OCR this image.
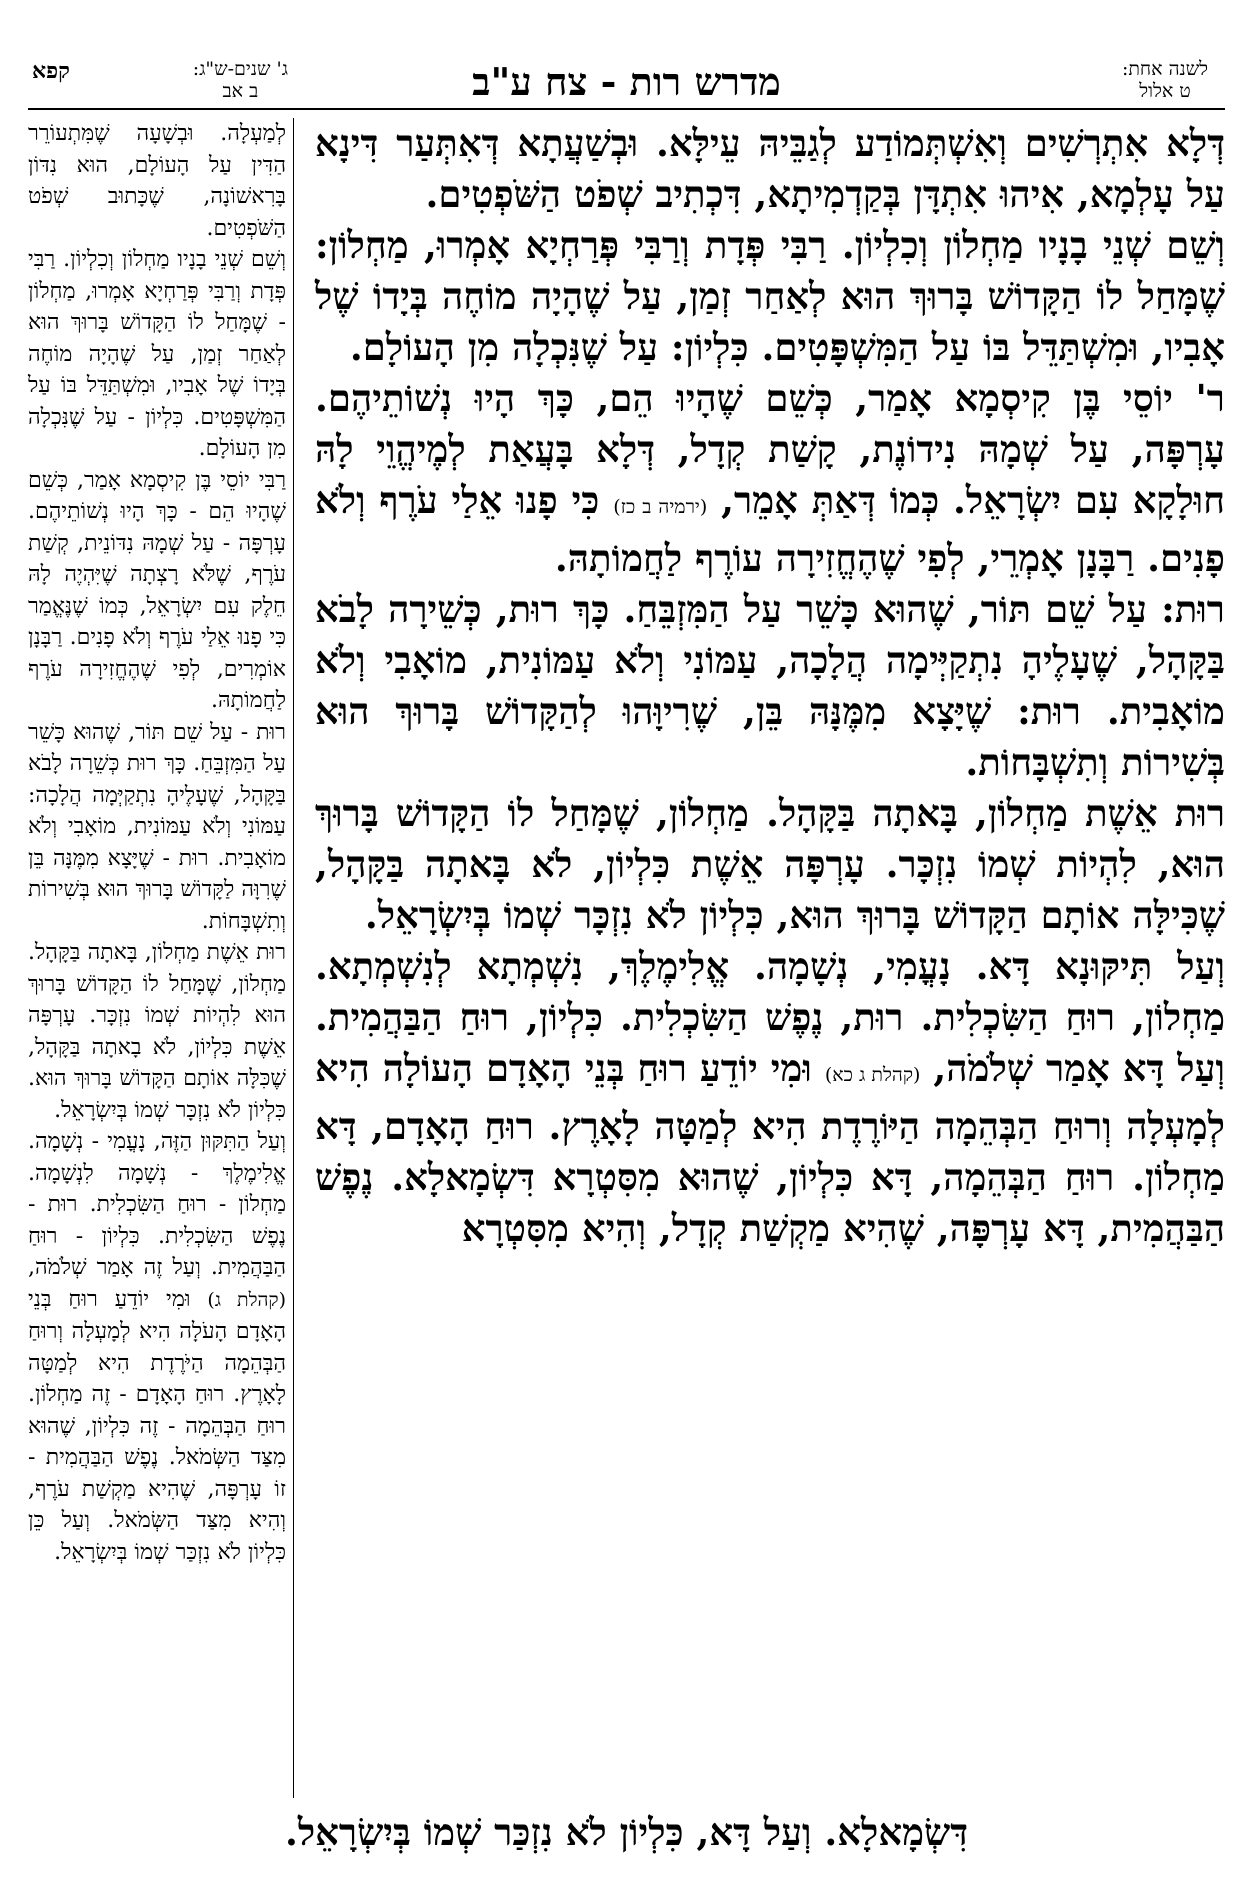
לשנה אחת:
ט אלול
מדרש רות - צח ע"ב
ג' שנים-ש"ג:
ב אב
קפא

דְּלָא אִתְרְשִׁים וְאִשְׁתְּמוֹדַע לְגַבֵּיהּ עֵילָּא. וּבְשַׁעֲתָא דְּאִתְּעַר דִּינָא עַל עָלְמָא, אִיהוּ אִתְדָּן בְּקַדְמִיתָא, דִּכְתִיב שְׁפֹט הַשֹּׁפְטִים.

וְשֵׁם שְׁנֵי בָנָיו מַחְלוֹן וְכִלְיוֹן. רַבִּי פְּדָת וְרַבִּי פְּרַחְיָא אָמְרוּ, מַחְלוֹן: שֶׁמָּחַל לוֹ הַקָּדוֹשׁ בָּרוּךְ הוּא לְאַחַר זְמַן, עַל שֶׁהָיָה מוֹחֶה בְּיָדוֹ שֶׁל אָבִיו, וּמִשְׁתַּדֵּל בּוֹ עַל הַמִּשְׁפָּטִים. כִּלְיוֹן: עַל שֶׁנִּכְלָה מִן הָעוֹלָם.

ר' יוֹסֵי בֶּן קִיסְמָא אָמַר, כְּשֵׁם שֶׁהָיוּ הֵם, כָּךְ הָיוּ נְשׁוֹתֵיהֶם. עָרְפָּה, עַל שְׁמָהּ נִידוֹנֶת, קָשַׁת קְדָל, דְּלָא בָּעֲאַת לְמֶיהֱוֵי לָהּ חוּלָקָא עִם יִשְׂרָאֵל. כְּמוֹ דְּאַתְּ אָמֵר, (ירמיה ב כז) כִּי פָנוּ אֵלַי עֹרֶף וְלֹא פָנִים. רַבָּנָן אָמְרֵי, לְפִי שֶׁהֶחֱזִירָה עוֹרֶף לַחֲמוֹתָהּ.

רוּת: עַל שֵׁם תּוֹר, שֶׁהוּא כָּשֵׁר עַל הַמִּזְבֵּחַ. כָּךְ רוּת, כְּשֵׁירָה לָבֹא בַּקָּהָל, שֶׁעָלֶיהָ נִתְקַיְּימָה הֲלָכָה, עַמּוֹנִי וְלֹא עַמּוֹנִית, מוֹאָבִי וְלֹא מוֹאָבִית. רוּת: שֶׁיָּצָא מִמֶּנָּהּ בֵּן, שֶׁרִיוָּהוּ לְהַקָּדוֹשׁ בָּרוּךְ הוּא בְּשִׁירוֹת וְתִשְׁבָּחוֹת.

רוּת אֵשֶׁת מַחְלוֹן, בָּאתָה בַּקָּהָל. מַחְלוֹן, שֶׁמָּחַל לוֹ הַקָּדוֹשׁ בָּרוּךְ הוּא, לִהְיוֹת שְׁמוֹ נִזְכָּר. עָרְפָּה אֵשֶׁת כִּלְיוֹן, לֹא בָּאתָה בַּקָּהָל, שֶׁכִּילָּה אוֹתָם הַקָּדוֹשׁ בָּרוּךְ הוּא, כִּלְיוֹן לֹא נִזְכָּר שְׁמוֹ בְּיִשְׂרָאֵל.

וְעַל תִּיקּוּנָא דָּא. נָעֳמִי, נְשָׁמָה. אֱלִימֶלֶךְ, נִשְׁמְתָא לְנִשְׁמְתָא. מַחְלוֹן, רוּחַ הַשִּׂכְלִית. רוּת, נֶפֶשׁ הַשִּׂכְלִית. כִּלְיוֹן, רוּחַ הַבַּהֲמִית. וְעַל דָּא אָמַר שְׁלֹמֹה, (קהלת ג כא) וּמִי יוֹדֵעַ רוּחַ בְּנֵי הָאָדָם הָעוֹלָה הִיא לְמָעְלָה וְרוּחַ הַבְּהֵמָה הַיּוֹרֶדֶת הִיא לְמַטָּה לָאָרֶץ. רוּחַ הָאָדָם, דָּא מַחְלוֹן. רוּחַ הַבְּהֵמָה, דָּא כִּלְיוֹן, שֶׁהוּא מִסִּטְרָא דִּשְׂמָאלָא. נֶפֶשׁ הַבַּהֲמִית, דָּא עָרְפָּה, שֶׁהִיא מַקְשַׁת קְדָל, וְהִיא מִסִּטְרָא

לְמַעְלָה. וּבְשָׁעָה שֶׁמִּתְעוֹרֵר הַדִּין עַל הָעוֹלָם, הוּא נִדּוֹן בָּרִאשׁוֹנָה, שֶׁכָּתוּב שְׁפֹט הַשֹּׁפְטִים.

וְשֵׁם שְׁנֵי בָנָיו מַחְלוֹן וְכִלְיוֹן. רַבִּי פְּדָת וְרַבִּי פְּרַחְיָא אָמְרוּ, מַחְלוֹן - שֶׁמָּחַל לוֹ הַקָּדוֹשׁ בָּרוּךְ הוּא לְאַחַר זְמַן, עַל שֶׁהָיָה מוֹחֶה בְּיָדוֹ שֶׁל אָבִיו, וּמִשְׁתַּדֵּל בּוֹ עַל הַמִּשְׁפָּטִים. כִּלְיוֹן - עַל שֶׁנִּכְלָה מִן הָעוֹלָם.

רַבִּי יוֹסֵי בֶּן קִיסְמָא אָמַר, כְּשֵׁם שֶׁהָיוּ הֵם - כָּךְ הָיוּ נְשׁוֹתֵיהֶם. עָרְפָּה - עַל שְׁמָהּ נִדּוֹנֵית, קְשַׁת עֹרֶף, שֶׁלֹּא רָצְתָה שֶׁיִּהְיֶה לָהּ חֵלֶק עִם יִשְׂרָאֵל, כְּמוֹ שֶׁנֶּאֱמַר כִּי פָנוּ אֵלַי עֹרֶף וְלֹא פָנִים. רַבָּנָן אוֹמְרִים, לְפִי שֶׁהֶחֱזִירָה עֹרֶף לַחֲמוֹתָהּ.

רוּת - עַל שֵׁם תּוֹר, שֶׁהוּא כָּשֵׁר עַל הַמִּזְבֵּחַ. כָּךְ רוּת כְּשֵׁרָה לָבֹא בַּקָּהָל, שֶׁעָלֶיהָ נִתְקַיְּמָה הֲלָכָה: עַמּוֹנִי וְלֹא עַמּוֹנִית, מוֹאָבִי וְלֹא מוֹאָבִית. רוּת - שֶׁיָּצָא מִמֶּנָּה בֵּן שֶׁרִוָּה לַקָּדוֹשׁ בָּרוּךְ הוּא בְּשִׁירוֹת וְתִשְׁבָּחוֹת.

רוּת אֵשֶׁת מַחְלוֹן, בָּאתָה בַּקָּהָל. מַחְלוֹן, שֶׁמָּחַל לוֹ הַקָּדוֹשׁ בָּרוּךְ הוּא לִהְיוֹת שְׁמוֹ נִזְכָּר. עָרְפָּה אֵשֶׁת כִּלְיוֹן, לֹא בָאתָה בַּקָּהָל, שֶׁכִּלָּה אוֹתָם הַקָּדוֹשׁ בָּרוּךְ הוּא. כִּלְיוֹן לֹא נִזְכָּר שְׁמוֹ בְּיִשְׂרָאֵל.

וְעַל הַתִּקּוּן הַזֶּה, נָעֳמִי - נְשָׁמָה. אֱלִימֶלֶךְ - נְשָׁמָה לִנְשָׁמָה. מַחְלוֹן - רוּחַ הַשִּׂכְלִית. רוּת - נֶפֶשׁ הַשִּׂכְלִית. כִּלְיוֹן - רוּחַ הַבַּהֲמִית. וְעַל זֶה אָמַר שְׁלֹמֹה, (קהלת ג) וּמִי יוֹדֵעַ רוּחַ בְּנֵי הָאָדָם הָעֹלָה הִיא לְמָעְלָה וְרוּחַ הַבְּהֵמָה הַיֹּרֶדֶת הִיא לְמַטָּה לָאָרֶץ. רוּחַ הָאָדָם - זֶה מַחְלוֹן. רוּחַ הַבְּהֵמָה - זֶה כִּלְיוֹן, שֶׁהוּא מִצַּד הַשְּׂמֹאל. נֶפֶשׁ הַבַּהֲמִית - זוֹ עָרְפָּה, שֶׁהִיא מַקְשַׁת עֹרֶף, וְהִיא מִצַּד הַשְּׂמֹאל. וְעַל כֵּן כִּלְיוֹן לֹא נִזְכַּר שְׁמוֹ בְּיִשְׂרָאֵל.

דִּשְׂמָאלָא. וְעַל דָּא, כִּלְיוֹן לֹא נִזְכַּר שְׁמוֹ בְּיִשְׂרָאֵל.
